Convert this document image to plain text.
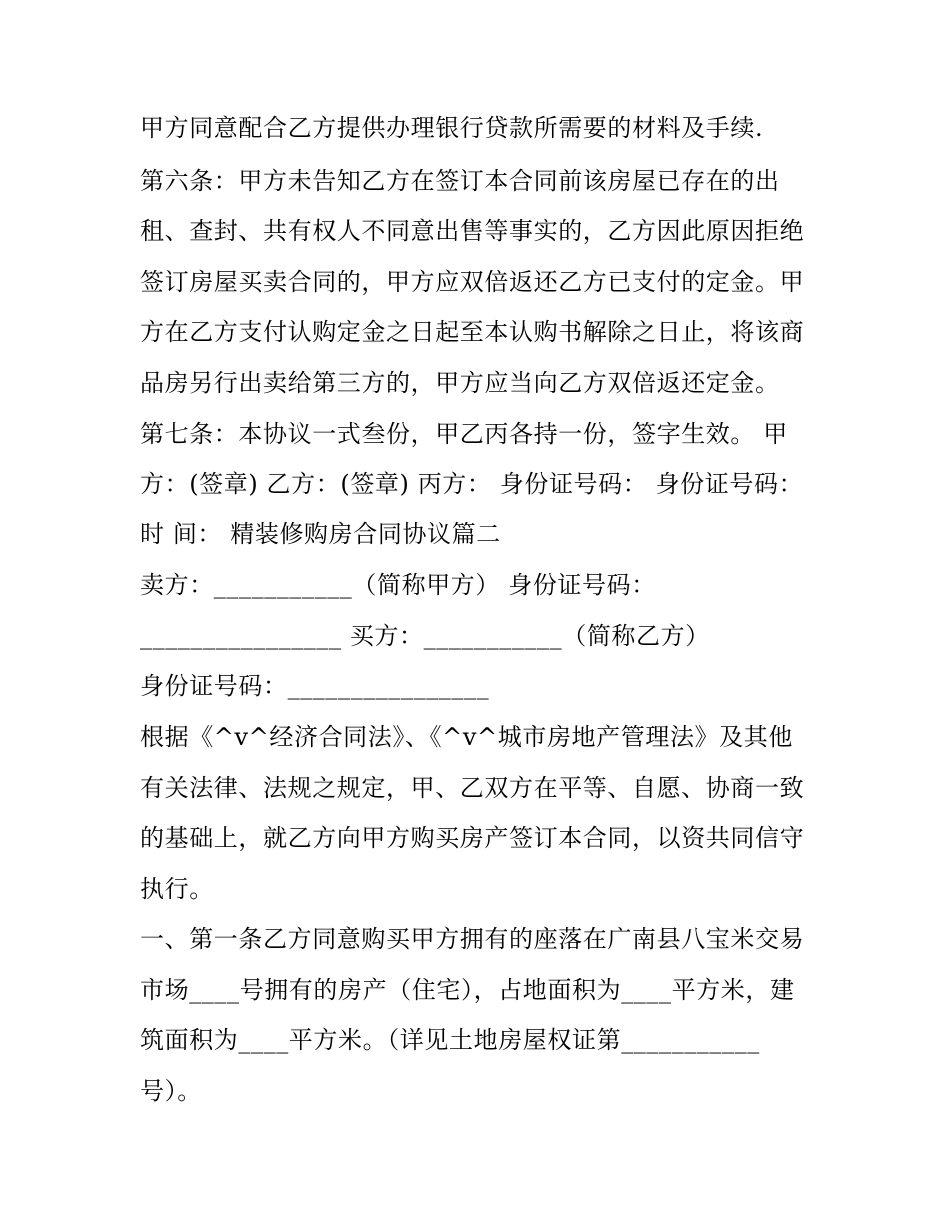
甲方同意配合乙方提供办理银行贷款所需要的材料及手续.
第六条：甲方未告知乙方在签订本合同前该房屋已存在的出
租、查封、共有权人不同意出售等事实的，乙方因此原因拒绝
签订房屋买卖合同的，甲方应双倍返还乙方已支付的定金。甲
方在乙方支付认购定金之日起至本认购书解除之日止，将该商
品房另行出卖给第三方的，甲方应当向乙方双倍返还定金。
第七条：本协议一式叁份，甲乙丙各持一份，签字生效。 甲
方：(签章) 乙方：(签章) 丙方： 身份证号码： 身份证号码：
时 间： 精装修购房合同协议篇二
卖方：___________（简称甲方） 身份证号码：
________________ 买方：___________（简称乙方）
身份证号码：________________
根据《^v^经济合同法》、《^v^城市房地产管理法》及其他
有关法律、法规之规定，甲、乙双方在平等、自愿、协商一致
的基础上，就乙方向甲方购买房产签订本合同，以资共同信守
执行。
一、第一条乙方同意购买甲方拥有的座落在广南县八宝米交易
市场____号拥有的房产（住宅），占地面积为____平方米，建
筑面积为____平方米。（详见土地房屋权证第___________
号）。
